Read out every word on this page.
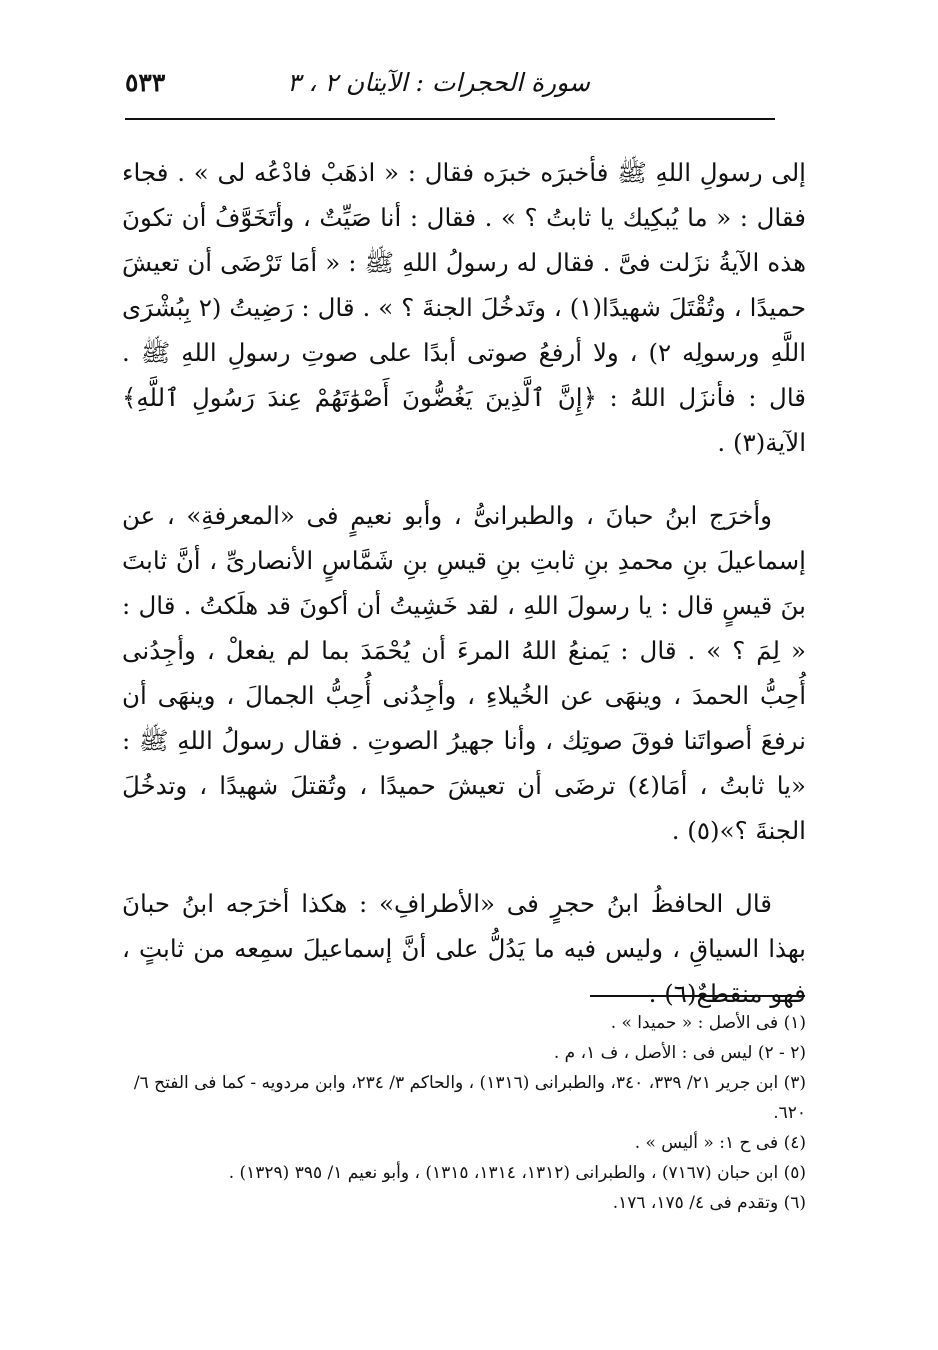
سورة الحجرات : الآيتان ٢ ، ٣
٥٣٣

إلى رسولِ اللهِ ﷺ فأخبرَه خبرَه فقال : « اذهَبْ فادْعُه لى » . فجاء فقال : « ما يُبكِيك يا ثابتُ ؟ » . فقال : أنا صَيِّتٌ ، وأتَخَوَّفُ أن تكونَ هذه الآيةُ نزَلت فىَّ . فقال له رسولُ اللهِ ﷺ : « أمَا تَرْضَى أن تعيشَ حميدًا ، وتُقْتَلَ شهيدًا(١) ، وتَدخُلَ الجنةَ ؟ » . قال : رَضِيتُ (٢ بِبُشْرَى اللَّهِ ورسولِه ٢) ، ولا أرفعُ صوتى أبدًا على صوتِ رسولِ اللهِ ﷺ . قال : فأنزَل اللهُ : ﴿إِنَّ ٱلَّذِينَ يَغُضُّونَ أَصْوَٰتَهُمْ عِندَ رَسُولِ ٱللَّهِ﴾ الآية(٣) .

وأخرَج ابنُ حبانَ ، والطبرانىُّ ، وأبو نعيمٍ فى «المعرفةِ» ، عن إسماعيلَ بنِ محمدِ بنِ ثابتِ بنِ قيسِ بنِ شَمَّاسٍ الأنصارىِّ ، أنَّ ثابتَ بنَ قيسٍ قال : يا رسولَ اللهِ ، لقد خَشِيتُ أن أكونَ قد هلَكتُ . قال : « لِمَ ؟ » . قال : يَمنعُ اللهُ المرءَ أن يُحْمَدَ بما لم يفعلْ ، وأجِدُنى أُحِبُّ الحمدَ ، وينهَى عن الخُيلاءِ ، وأجِدُنى أُحِبُّ الجمالَ ، وينهَى أن نرفعَ أصواتَنا فوقَ صوتِك ، وأنا جهيرُ الصوتِ . فقال رسولُ اللهِ ﷺ : «يا ثابتُ ، أمَا(٤) ترضَى أن تعيشَ حميدًا ، وتُقتلَ شهيدًا ، وتدخُلَ الجنةَ ؟»(٥) .

قال الحافظُ ابنُ حجرٍ فى «الأطرافِ» : هكذا أخرَجه ابنُ حبانَ بهذا السياقِ ، وليس فيه ما يَدُلُّ على أنَّ إسماعيلَ سمِعه من ثابتٍ ، فهو منقطعٌ(٦) .

(١) فى الأصل : « حميدا » .
(٢ - ٢) ليس فى : الأصل ، ف ١، م .
(٣) ابن جرير ٢١/ ٣٣٩، ٣٤٠، والطبرانى (١٣١٦) ، والحاكم ٣/ ٢٣٤، وابن مردويه - كما فى الفتح ٦/ ٦٢٠.
(٤) فى ح ١: « أليس » .
(٥) ابن حبان (٧١٦٧) ، والطبرانى (١٣١٢، ١٣١٤، ١٣١٥) ، وأبو نعيم ١/ ٣٩٥ (١٣٢٩) .
(٦) وتقدم فى ٤/ ١٧٥، ١٧٦.
